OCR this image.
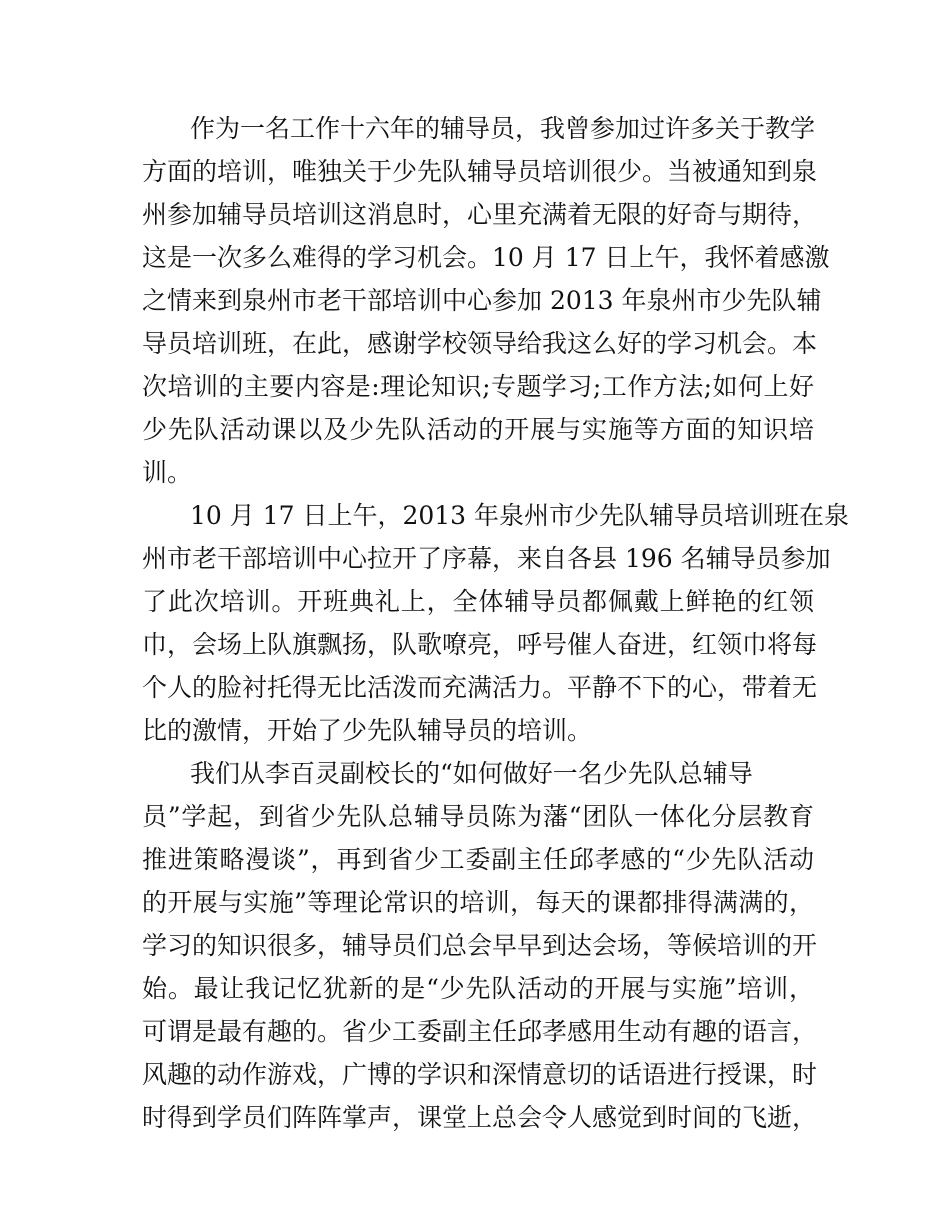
作为一名工作十六年的辅导员，我曾参加过许多关于教学
方面的培训，唯独关于少先队辅导员培训很少。当被通知到泉
州参加辅导员培训这消息时，心里充满着无限的好奇与期待，
这是一次多么难得的学习机会。10 月 17 日上午，我怀着感激
之情来到泉州市老干部培训中心参加 2013 年泉州市少先队辅
导员培训班，在此，感谢学校领导给我这么好的学习机会。本
次培训的主要内容是:理论知识;专题学习;工作方法;如何上好
少先队活动课以及少先队活动的开展与实施等方面的知识培
训。
10 月 17 日上午，2013 年泉州市少先队辅导员培训班在泉
州市老干部培训中心拉开了序幕，来自各县 196 名辅导员参加
了此次培训。开班典礼上，全体辅导员都佩戴上鲜艳的红领
巾，会场上队旗飘扬，队歌嘹亮，呼号催人奋进，红领巾将每
个人的脸衬托得无比活泼而充满活力。平静不下的心，带着无
比的激情，开始了少先队辅导员的培训。
我们从李百灵副校长的“如何做好一名少先队总辅导
员”学起，到省少先队总辅导员陈为藩“团队一体化分层教育
推进策略漫谈”，再到省少工委副主任邱孝感的“少先队活动
的开展与实施”等理论常识的培训，每天的课都排得满满的，
学习的知识很多，辅导员们总会早早到达会场，等候培训的开
始。最让我记忆犹新的是“少先队活动的开展与实施”培训，
可谓是最有趣的。省少工委副主任邱孝感用生动有趣的语言，
风趣的动作游戏，广博的学识和深情意切的话语进行授课，时
时得到学员们阵阵掌声，课堂上总会令人感觉到时间的飞逝，
